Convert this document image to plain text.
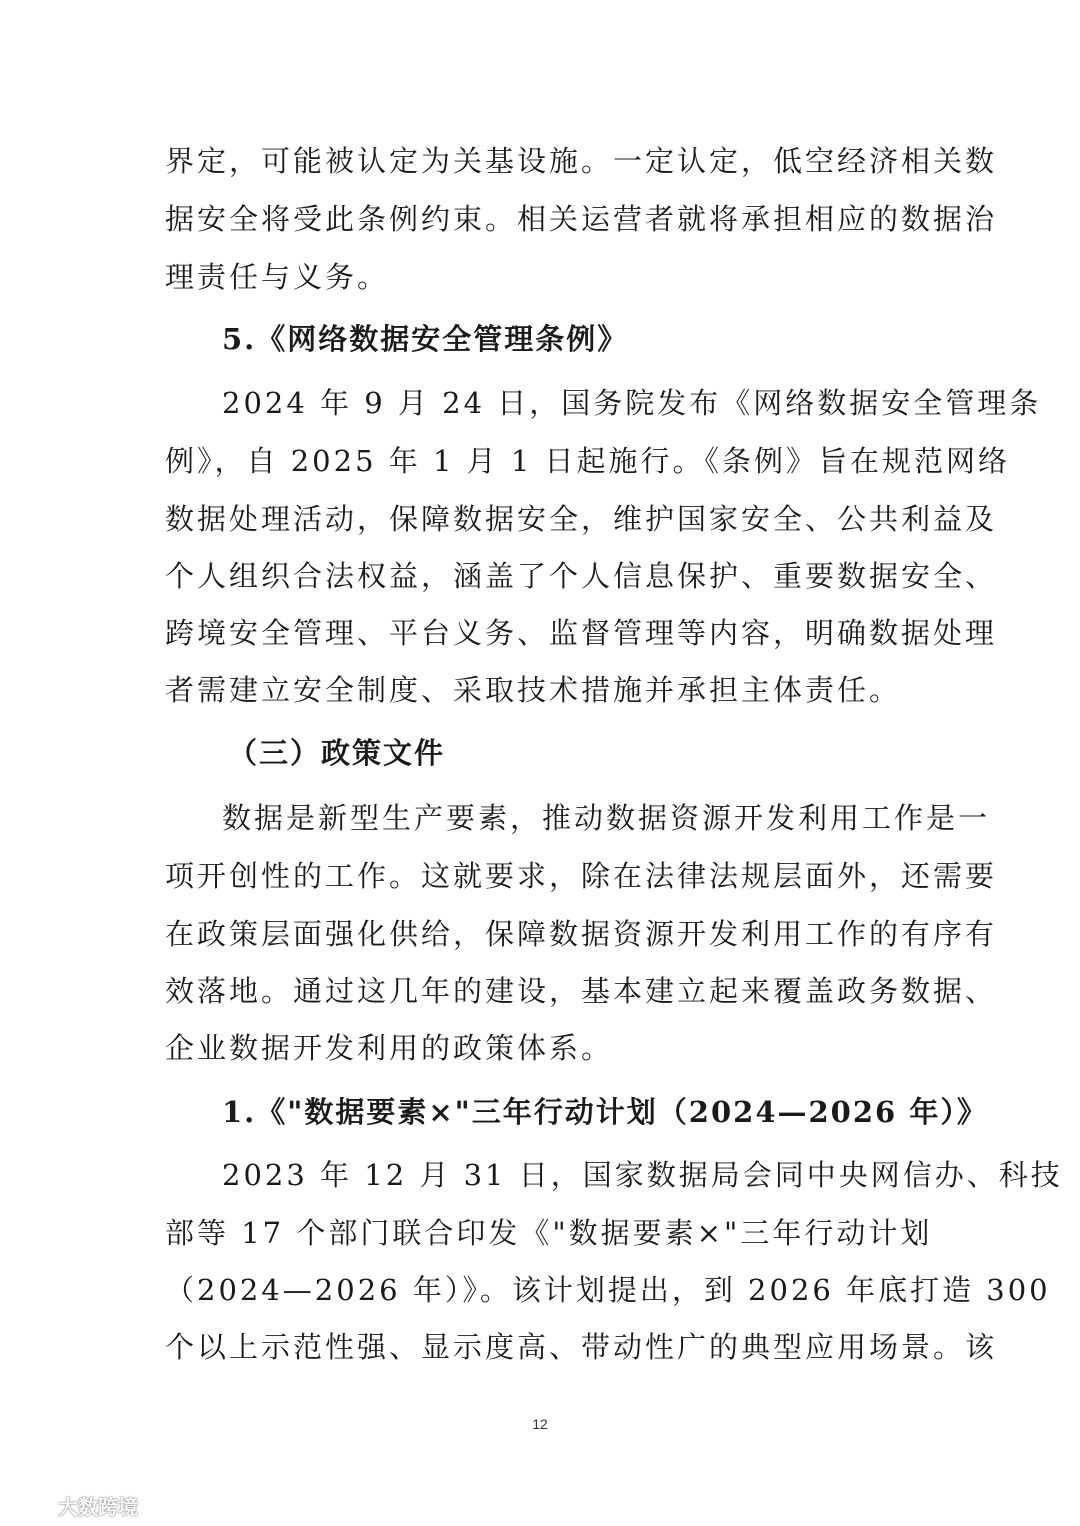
界定，可能被认定为关基设施。一定认定，低空经济相关数
据安全将受此条例约束。相关运营者就将承担相应的数据治
理责任与义务。
5.《网络数据安全管理条例》
2024 年 9 月 24 日，国务院发布《网络数据安全管理条
例》，自 2025 年 1 月 1 日起施行。《条例》旨在规范网络
数据处理活动，保障数据安全，维护国家安全、公共利益及
个人组织合法权益，涵盖了个人信息保护、重要数据安全、
跨境安全管理、平台义务、监督管理等内容，明确数据处理
者需建立安全制度、采取技术措施并承担主体责任。
（三）政策文件
数据是新型生产要素，推动数据资源开发利用工作是一
项开创性的工作。这就要求，除在法律法规层面外，还需要
在政策层面强化供给，保障数据资源开发利用工作的有序有
效落地。通过这几年的建设，基本建立起来覆盖政务数据、
企业数据开发利用的政策体系。
1.《"数据要素×"三年行动计划（2024—2026 年）》
2023 年 12 月 31 日，国家数据局会同中央网信办、科技
部等 17 个部门联合印发《"数据要素×"三年行动计划
（2024—2026 年）》。该计划提出，到 2026 年底打造 300
个以上示范性强、显示度高、带动性广的典型应用场景。该
12
大数跨境
